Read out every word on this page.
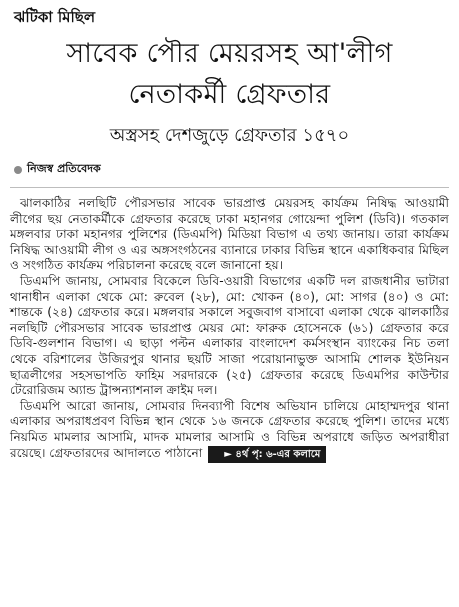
ঝটিকা মিছিল
সাবেক পৌর মেয়রসহ আ'লীগ
নেতাকর্মী গ্রেফতার
অস্ত্রসহ দেশজুড়ে গ্রেফতার ১৫৭০
নিজস্ব প্রতিবেদক

ঝালকাঠির নলছিটি পৌরসভার সাবেক ভারপ্রাপ্ত মেয়রসহ কার্যক্রম নিষিদ্ধ আওয়ামী লীগের ছয় নেতাকর্মীকে গ্রেফতার করেছে ঢাকা মহানগর গোয়েন্দা পুলিশ (ডিবি)। গতকাল মঙ্গলবার ঢাকা মহানগর পুলিশের (ডিএমপি) মিডিয়া বিভাগ এ তথ্য জানায়। তারা কার্যক্রম নিষিদ্ধ আওয়ামী লীগ ও এর অঙ্গসংগঠনের ব্যানারে ঢাকার বিভিন্ন স্থানে একাধিকবার মিছিল ও সংগঠিত কার্যক্রম পরিচালনা করেছে বলে জানানো হয়।

ডিএমপি জানায়, সোমবার বিকেলে ডিবি-ওয়ারী বিভাগের একটি দল রাজধানীর ভাটারা থানাধীন এলাকা থেকে মো: রুবেল (২৮), মো: খোকন (৪০), মো: সাগর (৪০) ও মো: শান্তকে (২৪) গ্রেফতার করে। মঙ্গলবার সকালে সবুজবাগ বাসাবো এলাকা থেকে ঝালকাঠির নলছিটি পৌরসভার সাবেক ভারপ্রাপ্ত মেয়র মো: ফারুক হোসেনকে (৬১) গ্রেফতার করে ডিবি-গুলশান বিভাগ। এ ছাড়া পল্টন এলাকার বাংলাদেশ কর্মসংস্থান ব্যাংকের নিচ তলা থেকে বরিশালের উজিরপুর থানার ছয়টি সাজা পরোয়ানাভুক্ত আসামি শোলক ইউনিয়ন ছাত্রলীগের সহসভাপতি ফাহিম সরদারকে (২৫) গ্রেফতার করেছে ডিএমপির কাউন্টার টেরোরিজম অ্যান্ড ট্রান্সন্যাশনাল ক্রাইম দল।

ডিএমপি আরো জানায়, সোমবার দিনব্যাপী বিশেষ অভিযান চালিয়ে মোহাম্মদপুর থানা এলাকার অপরাধপ্রবণ বিভিন্ন স্থান থেকে ১৬ জনকে গ্রেফতার করেছে পুলিশ। তাদের মধ্যে নিয়মিত মামলার আসামি, মাদক মামলার আসামি ও বিভিন্ন অপরাধে জড়িত অপরাধীরা রয়েছে। গ্রেফতারদের আদালতে পাঠানো ► ৪র্থ পৃ: ৬-এর কলামে
